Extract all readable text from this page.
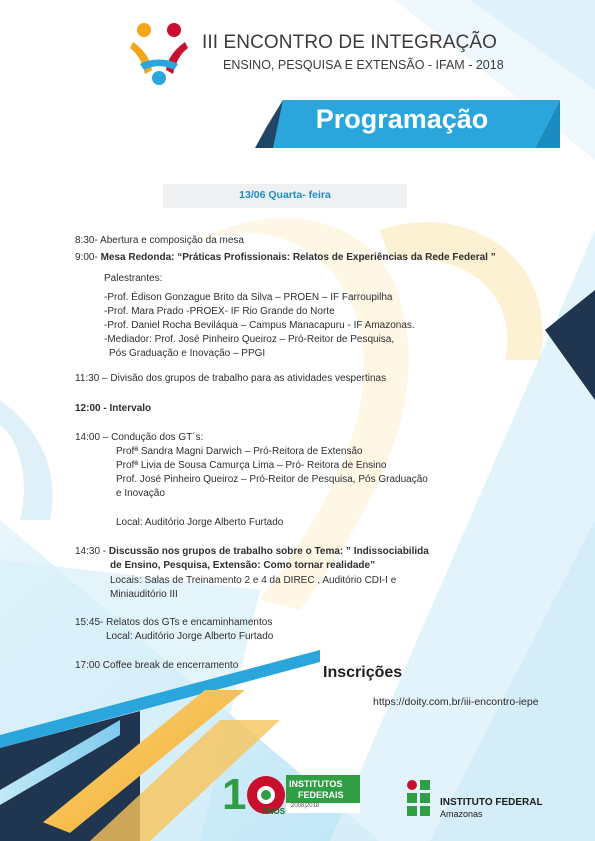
III ENCONTRO DE INTEGRAÇÃO
ENSINO, PESQUISA E EXTENSÃO - IFAM - 2018
Programação
13/06 Quarta- feira
8:30- Abertura e composição da mesa
9:00- Mesa Redonda: “Práticas Profissionais: Relatos de Experiências da Rede Federal ”
Palestrantes:
-Prof. Édison Gonzague Brito da Silva – PROEN – IF Farroupilha
-Prof. Mara Prado -PROEX- IF Rio Grande do Norte
-Prof. Daniel Rocha Beviláqua – Campus Manacapuru - IF Amazonas.
-Mediador: Prof. José Pinheiro Queiroz – Pró-Reitor de Pesquisa,
Pós Graduação e Inovação – PPGI
11:30 – Divisão dos grupos de trabalho para as atividades vespertinas
12:00 - Intervalo
14:00 – Condução dos GT´s:
Profª Sandra Magni Darwich – Pró-Reitora de Extensão
Profª Livia de Sousa Camurça Lima – Pró- Reitora de Ensino
Prof. José Pinheiro Queiroz – Pró-Reitor de Pesquisa, Pós Graduação
e Inovação
Local: Auditório Jorge Alberto Furtado
14:30 - Discussão nos grupos de trabalho sobre o Tema: ” Indissociabilida
de Ensino, Pesquisa, Extensão: Como tornar realidade”
Locais: Salas de Treinamento 2 e 4 da DIREC , Auditório CDI-I e
Miniauditório III
15:45- Relatos dos GTs e encaminhamentos
Local: Auditório Jorge Alberto Furtado
17:00 Coffee break de encerramento	Inscrições
https://doity.com.br/iii-encontro-iepe
1	INSTITUTOS
FEDERAIS
2008|2018
ANOS
INSTITUTO FEDERAL
Amazonas
